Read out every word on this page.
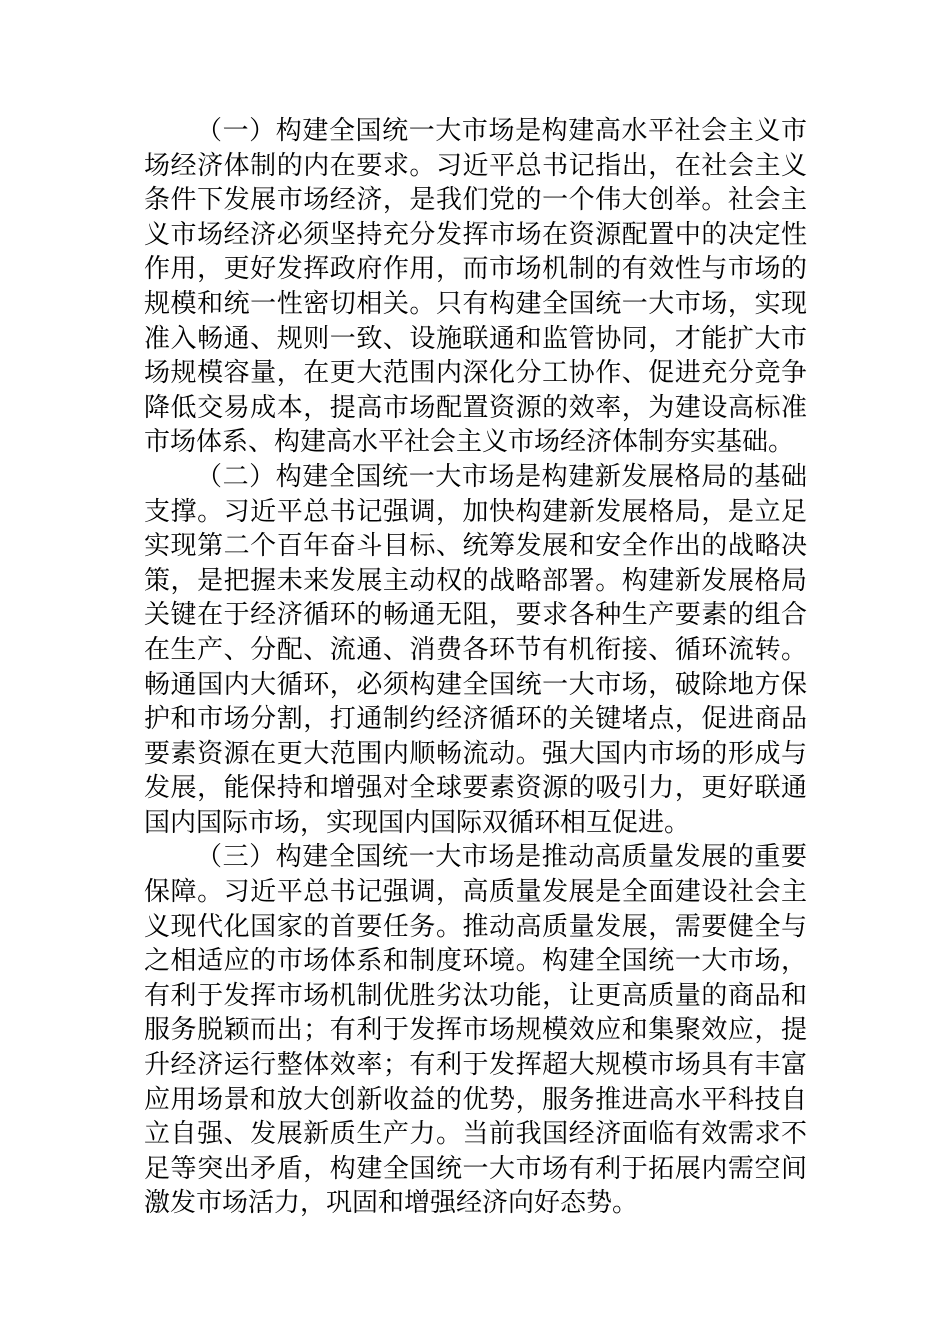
（一）构建全国统一大市场是构建高水平社会主义市场经济体制的内在要求。习近平总书记指出，在社会主义条件下发展市场经济，是我们党的一个伟大创举。社会主义市场经济必须坚持充分发挥市场在资源配置中的决定性作用，更好发挥政府作用，而市场机制的有效性与市场的规模和统一性密切相关。只有构建全国统一大市场，实现准入畅通、规则一致、设施联通和监管协同，才能扩大市场规模容量，在更大范围内深化分工协作、促进充分竞争降低交易成本，提高市场配置资源的效率，为建设高标准市场体系、构建高水平社会主义市场经济体制夯实基础。

（二）构建全国统一大市场是构建新发展格局的基础支撑。习近平总书记强调，加快构建新发展格局，是立足实现第二个百年奋斗目标、统筹发展和安全作出的战略决策，是把握未来发展主动权的战略部署。构建新发展格局关键在于经济循环的畅通无阻，要求各种生产要素的组合在生产、分配、流通、消费各环节有机衔接、循环流转。畅通国内大循环，必须构建全国统一大市场，破除地方保护和市场分割，打通制约经济循环的关键堵点，促进商品要素资源在更大范围内顺畅流动。强大国内市场的形成与发展，能保持和增强对全球要素资源的吸引力，更好联通国内国际市场，实现国内国际双循环相互促进。

（三）构建全国统一大市场是推动高质量发展的重要保障。习近平总书记强调，高质量发展是全面建设社会主义现代化国家的首要任务。推动高质量发展，需要健全与之相适应的市场体系和制度环境。构建全国统一大市场，有利于发挥市场机制优胜劣汰功能，让更高质量的商品和服务脱颖而出；有利于发挥市场规模效应和集聚效应，提升经济运行整体效率；有利于发挥超大规模市场具有丰富应用场景和放大创新收益的优势，服务推进高水平科技自立自强、发展新质生产力。当前我国经济面临有效需求不足等突出矛盾，构建全国统一大市场有利于拓展内需空间激发市场活力，巩固和增强经济向好态势。
